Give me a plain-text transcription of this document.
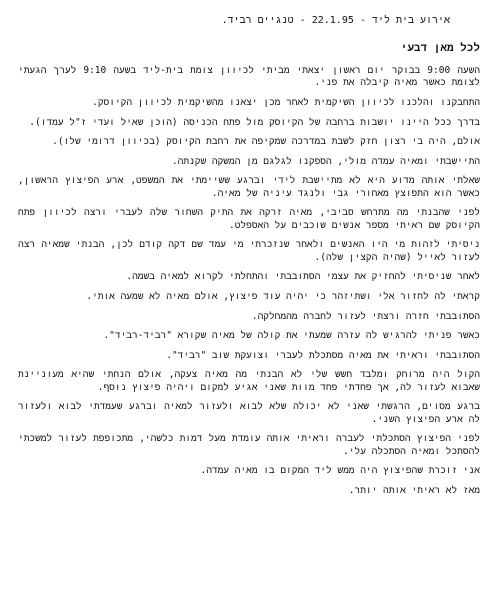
אירוע בית ליד - 22.1.95 - טנגיים רביד.

לכל מאן דבעי

השעה 9:00 בבוקר יום ראשון יצאתי מביתי לכיוון צומת בית-ליד בשעה 9:10 לערך הגעתי לצומת כאשר מאיה קיבלה את פני.

התחבקנו והלכנו לכיוון השיקמית לאחר מכן יצאנו מהשיקמית לכיוון הקיוסק.

בדרך ככל היינו יושבות ברחבה של הקיוסק מול פתח הכניסה (הוכן שאיל ועדי ז"ל עמדו).

אולם, היה בי רצון חזק לשבת במדרכה שמקיפה את רחבת הקיוסק (בכיוון דרומי שלו).

התיישבתי ומאיה עמדה מולי, הספקנו לגלגם מן המשקה שקנתה.

שאלתי אותה מדוע היא לא מתיישבת לידי וברגע ששיימתי את המשפט, ארע הפיצוץ הראשון, כאשר הוא התפוצץ מאחורי גבי ולנגד עיניה של מאיה.

לפני שהבנתי מה מתרחש סביבי, מאיה זרקה את התיק השחור שלה לעברי ורצה לכיוון פתח הקיוסק שם ראיתי מספר אנשים שוכבים על האספלט.

ניסיתי לזהות מי היו האנשים ולאחר שנזכרתי מי עמד שם דקה קודם לכן, הבנתי שמאיה רצה לעזור לאייל (שהיה הקצין שלה).

לאחר שניסיתי להחזיק את עצמי הסתובבתי והתחלתי לקרוא למאיה בשמה.

קראתי לה לחזור אלי ושתיזהר כי יהיה עוד פיצוץ, אולם מאיה לא שמעה אותי.

הסתובבתי חזרה ורצתי לעזור לחברה מהמחלקה.

כאשר פניתי להרגיש לה עזרה שמעתי את קולה של מאיה שקורא "רביד-רביד".

הסתובבתי וראיתי את מאיה מסתכלת לעברי וצועקת שוב "רביד".

הקול היה מרוחק ומלבד חשש שלי לא הבנתי מה מאיה צעקה, אולם הנחתי שהיא מעוניינת שאבוא לעזור לה, אך פחדתי פחד מוות שאני אגיע למקום ויהיה פיצוץ נוסף.

ברגע מסוים, הרגשתי שאני לא יכולה שלא לבוא ולעזור למאיה וברגע שעמדתי לבוא ולעזור לה ארע הפיצוץ השני.

לפני הפיצוץ הסתכלתי לעברה וראיתי אותה עומדת מעל דמות כלשהי, מתכופפת לעזור למשכתי להסתכל ומאיה הסתכלה עלי.

אני זוכרת שהפיצוץ היה ממש ליד המקום בו מאיה עמדה.

מאז לא ראיתי אותה יותר.
